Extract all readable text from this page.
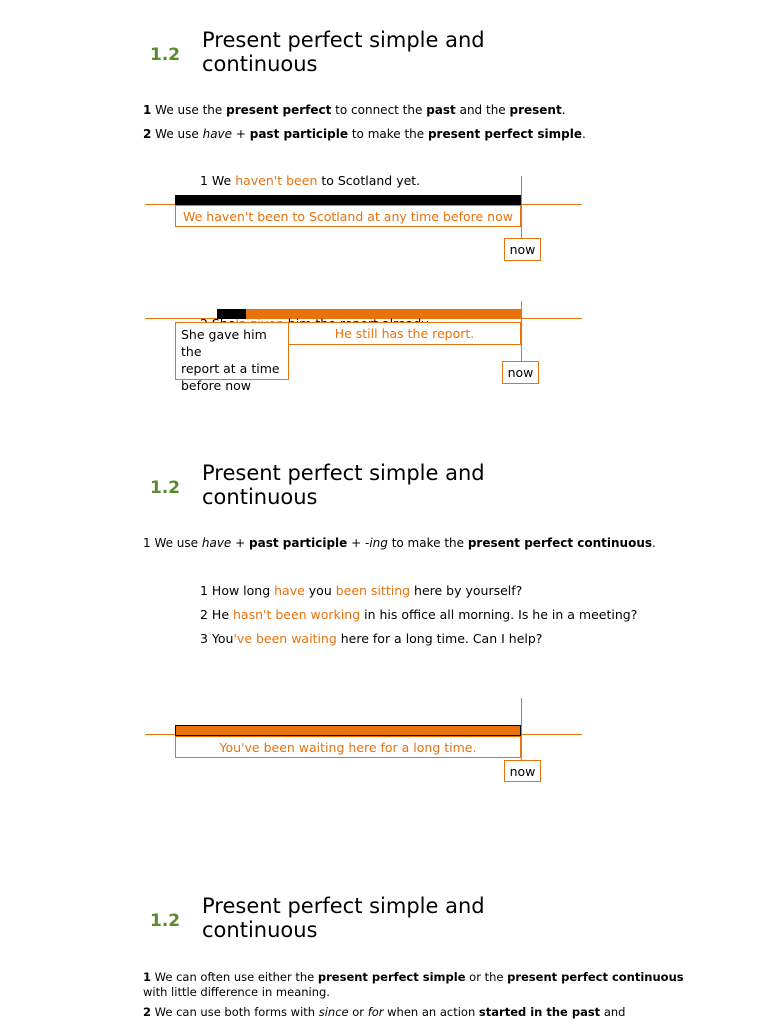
1.2
Present perfect simple and
continuous
1 We use the present perfect to connect the past and the present.
2 We use have + past participle to make the present perfect simple.
1 We haven't been to Scotland yet.
We haven't been to Scotland at any time before now
now
He still has the report.
She gave him the
report at a time
before now
now
1.2
Present perfect simple and
continuous
1 We use have + past participle + -ing to make the present perfect continuous.
1 How long have you been sitting here by yourself?
2 He hasn't been working in his office all morning. Is he in a meeting?
3 You've been waiting here for a long time. Can I help?
You've been waiting here for a long time.
now
1.2
Present perfect simple and
continuous
1 We can often use either the present perfect simple or the present perfect continuous
with little difference in meaning.
2 We can use both forms with since or for when an action started in the past and
